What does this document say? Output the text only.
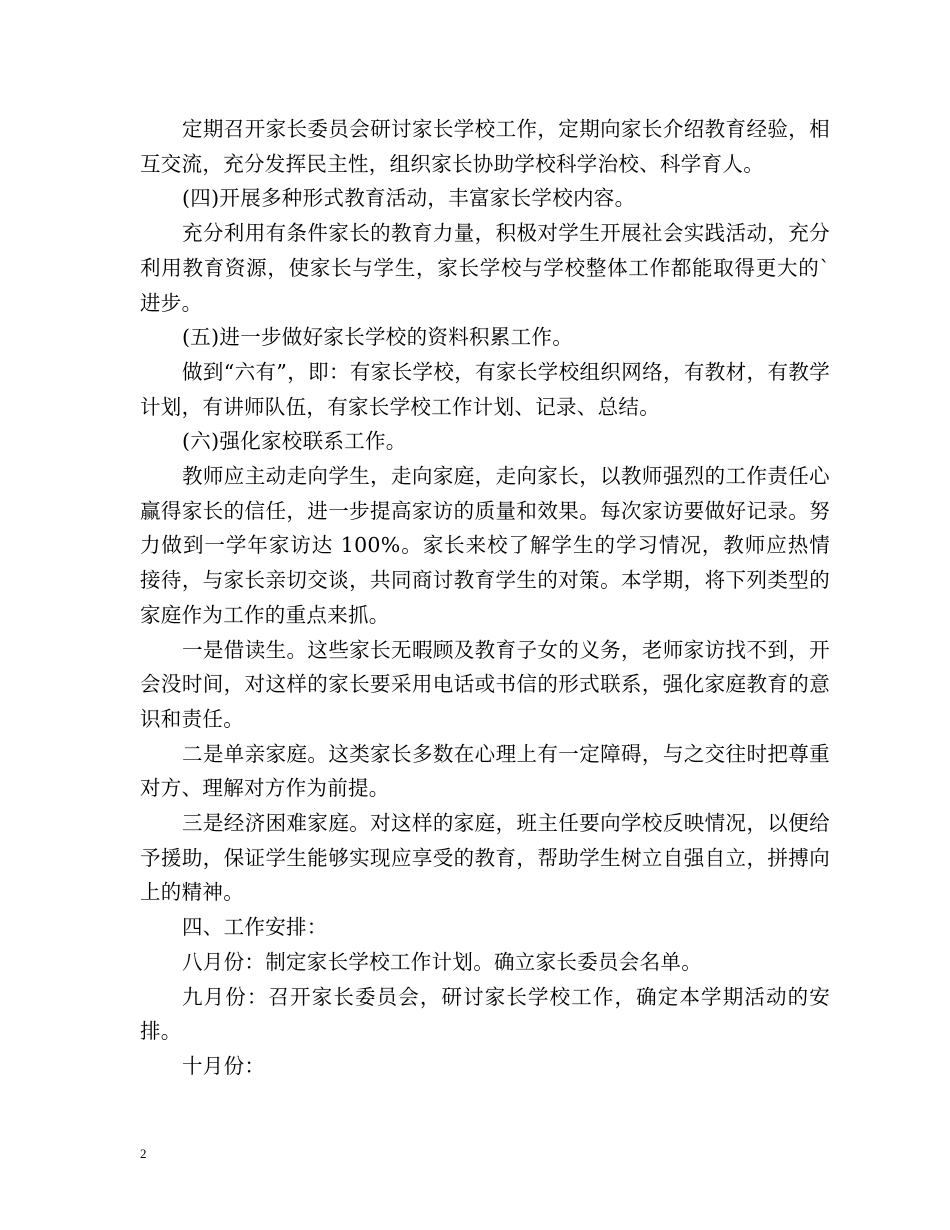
定期召开家长委员会研讨家长学校工作，定期向家长介绍教育经验，相互交流，充分发挥民主性，组织家长协助学校科学治校、科学育人。

(四)开展多种形式教育活动，丰富家长学校内容。

充分利用有条件家长的教育力量，积极对学生开展社会实践活动，充分利用教育资源，使家长与学生，家长学校与学校整体工作都能取得更大的`进步。

(五)进一步做好家长学校的资料积累工作。

做到“六有”，即：有家长学校，有家长学校组织网络，有教材，有教学计划，有讲师队伍，有家长学校工作计划、记录、总结。

(六)强化家校联系工作。

教师应主动走向学生，走向家庭，走向家长，以教师强烈的工作责任心赢得家长的信任，进一步提高家访的质量和效果。每次家访要做好记录。努力做到一学年家访达 100%。家长来校了解学生的学习情况，教师应热情接待，与家长亲切交谈，共同商讨教育学生的对策。本学期，将下列类型的家庭作为工作的重点来抓。

一是借读生。这些家长无暇顾及教育子女的义务，老师家访找不到，开会没时间，对这样的家长要采用电话或书信的形式联系，强化家庭教育的意识和责任。

二是单亲家庭。这类家长多数在心理上有一定障碍，与之交往时把尊重对方、理解对方作为前提。

三是经济困难家庭。对这样的家庭，班主任要向学校反映情况，以便给予援助，保证学生能够实现应享受的教育，帮助学生树立自强自立，拼搏向上的精神。

四、工作安排：

八月份：制定家长学校工作计划。确立家长委员会名单。

九月份：召开家长委员会，研讨家长学校工作，确定本学期活动的安排。

十月份：

2
